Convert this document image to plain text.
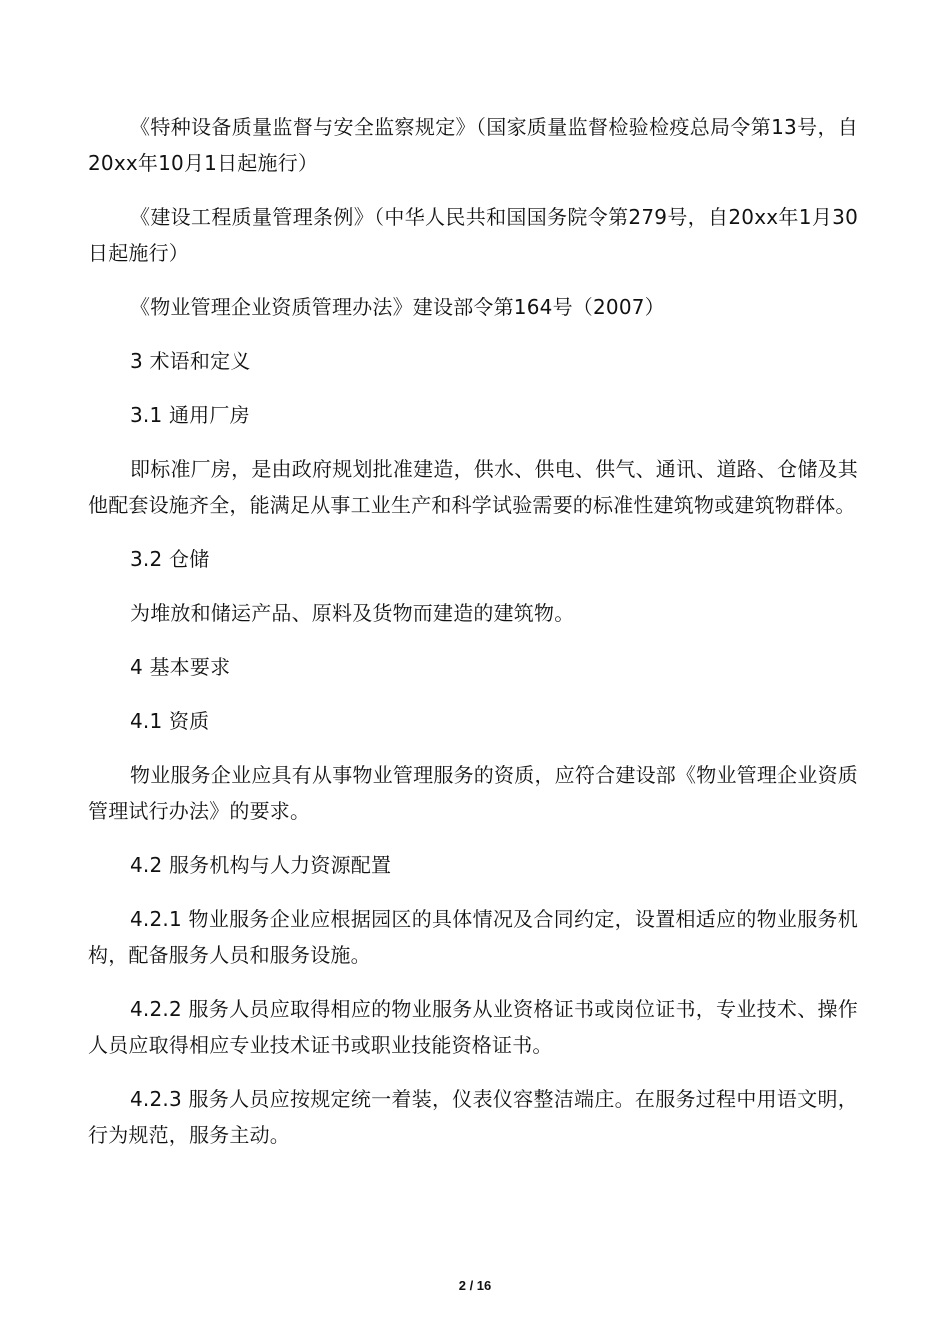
《特种设备质量监督与安全监察规定》（国家质量监督检验检疫总局令第13号，自20xx年10月1日起施行）

《建设工程质量管理条例》（中华人民共和国国务院令第279号，自20xx年1月30日起施行）

《物业管理企业资质管理办法》建设部令第164号（2007）

3 术语和定义

3.1 通用厂房

即标准厂房，是由政府规划批准建造，供水、供电、供气、通讯、道路、仓储及其他配套设施齐全，能满足从事工业生产和科学试验需要的标准性建筑物或建筑物群体。

3.2 仓储

为堆放和储运产品、原料及货物而建造的建筑物。

4 基本要求

4.1 资质

物业服务企业应具有从事物业管理服务的资质，应符合建设部《物业管理企业资质管理试行办法》的要求。

4.2 服务机构与人力资源配置

4.2.1 物业服务企业应根据园区的具体情况及合同约定，设置相适应的物业服务机构，配备服务人员和服务设施。

4.2.2 服务人员应取得相应的物业服务从业资格证书或岗位证书，专业技术、操作人员应取得相应专业技术证书或职业技能资格证书。

4.2.3 服务人员应按规定统一着装，仪表仪容整洁端庄。在服务过程中用语文明，行为规范，服务主动。

2 / 16
